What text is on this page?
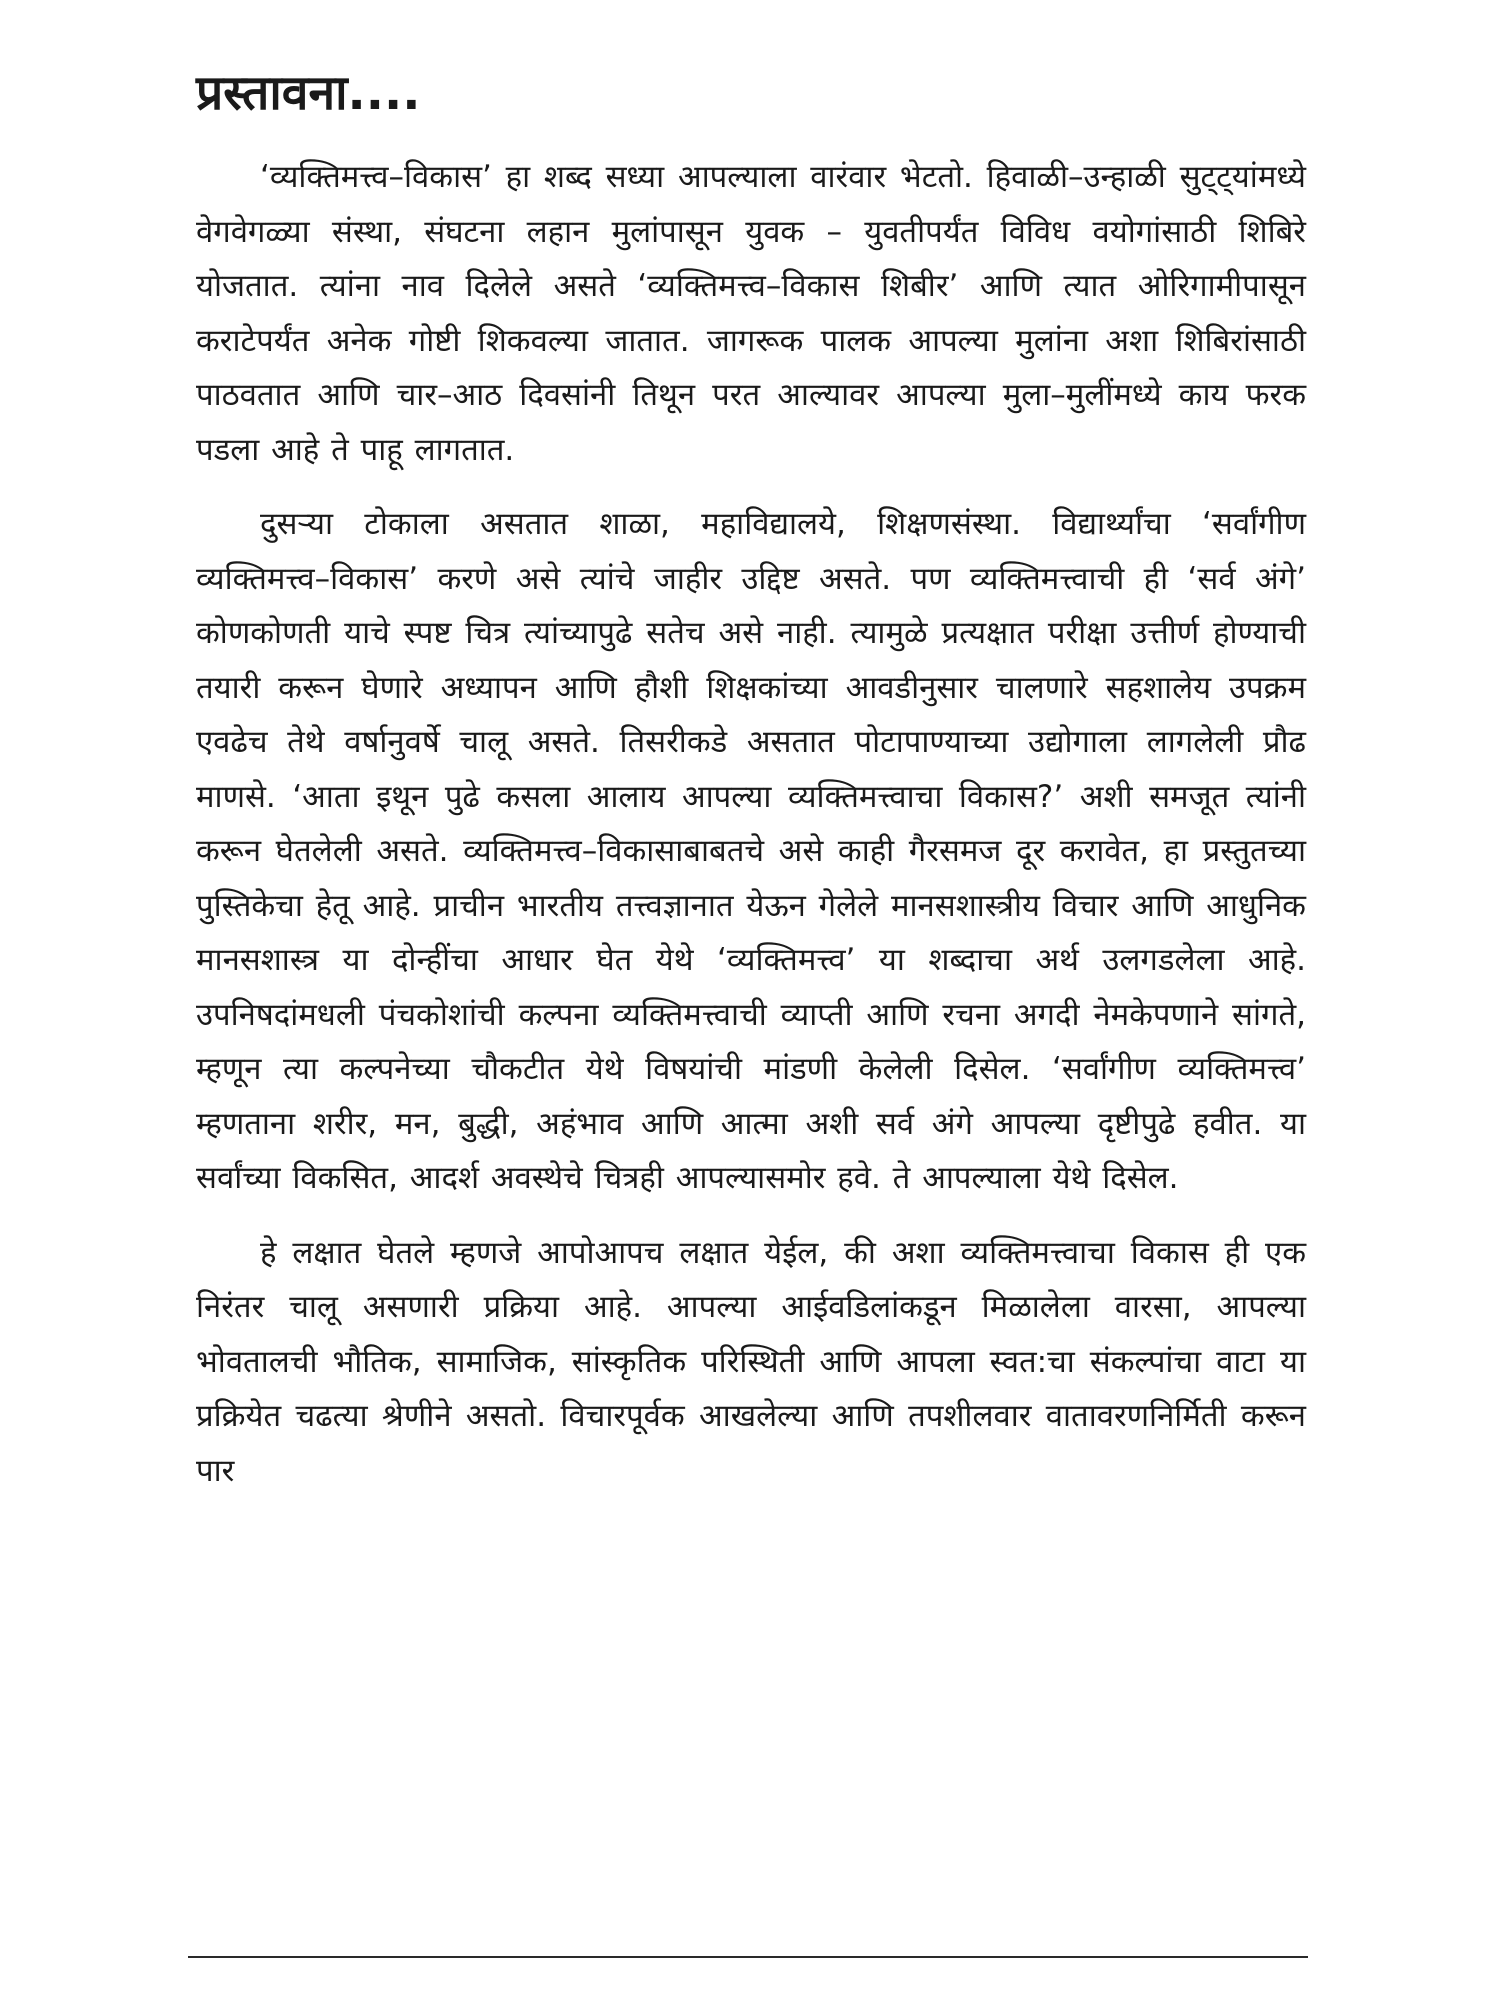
प्रस्तावना....

‘व्यक्तिमत्त्व–विकास’ हा शब्द सध्या आपल्याला वारंवार भेटतो. हिवाळी–उन्हाळी सुट्ट्यांमध्ये वेगवेगळ्या संस्था, संघटना लहान मुलांपासून युवक – युवतीपर्यंत विविध वयोगांसाठी शिबिरे योजतात. त्यांना नाव दिलेले असते ‘व्यक्तिमत्त्व–विकास शिबीर’ आणि त्यात ओरिगामीपासून कराटेपर्यंत अनेक गोष्टी शिकवल्या जातात. जागरूक पालक आपल्या मुलांना अशा शिबिरांसाठी पाठवतात आणि चार–आठ दिवसांनी तिथून परत आल्यावर आपल्या मुला–मुलींमध्ये काय फरक पडला आहे ते पाहू लागतात.

दुसऱ्या टोकाला असतात शाळा, महाविद्यालये, शिक्षणसंस्था. विद्यार्थ्यांचा ‘सर्वांगीण व्यक्तिमत्त्व–विकास’ करणे असे त्यांचे जाहीर उद्दिष्ट असते. पण व्यक्तिमत्त्वाची ही ‘सर्व अंगे’ कोणकोणती याचे स्पष्ट चित्र त्यांच्यापुढे सतेच असे नाही. त्यामुळे प्रत्यक्षात परीक्षा उत्तीर्ण होण्याची तयारी करून घेणारे अध्यापन आणि हौशी शिक्षकांच्या आवडीनुसार चालणारे सहशालेय उपक्रम एवढेच तेथे वर्षानुवर्षे चालू असते. तिसरीकडे असतात पोटापाण्याच्या उद्योगाला लागलेली प्रौढ माणसे. ‘आता इथून पुढे कसला आलाय आपल्या व्यक्तिमत्त्वाचा विकास?’ अशी समजूत त्यांनी करून घेतलेली असते. व्यक्तिमत्त्व–विकासाबाबतचे असे काही गैरसमज दूर करावेत, हा प्रस्तुतच्या पुस्तिकेचा हेतू आहे. प्राचीन भारतीय तत्त्वज्ञानात येऊन गेलेले मानसशास्त्रीय विचार आणि आधुनिक मानसशास्त्र या दोन्हींचा आधार घेत येथे ‘व्यक्तिमत्त्व’ या शब्दाचा अर्थ उलगडलेला आहे. उपनिषदांमधली पंचकोशांची कल्पना व्यक्तिमत्त्वाची व्याप्ती आणि रचना अगदी नेमकेपणाने सांगते, म्हणून त्या कल्पनेच्या चौकटीत येथे विषयांची मांडणी केलेली दिसेल. ‘सर्वांगीण व्यक्तिमत्त्व’ म्हणताना शरीर, मन, बुद्धी, अहंभाव आणि आत्मा अशी सर्व अंगे आपल्या दृष्टीपुढे हवीत. या सर्वांच्या विकसित, आदर्श अवस्थेचे चित्रही आपल्यासमोर हवे. ते आपल्याला येथे दिसेल.

हे लक्षात घेतले म्हणजे आपोआपच लक्षात येईल, की अशा व्यक्तिमत्त्वाचा विकास ही एक निरंतर चालू असणारी प्रक्रिया आहे. आपल्या आईवडिलांकडून मिळालेला वारसा, आपल्या भोवतालची भौतिक, सामाजिक, सांस्कृतिक परिस्थिती आणि आपला स्वत:चा संकल्पांचा वाटा या प्रक्रियेत चढत्या श्रेणीने असतो. विचारपूर्वक आखलेल्या आणि तपशीलवार वातावरणनिर्मिती करून पार
